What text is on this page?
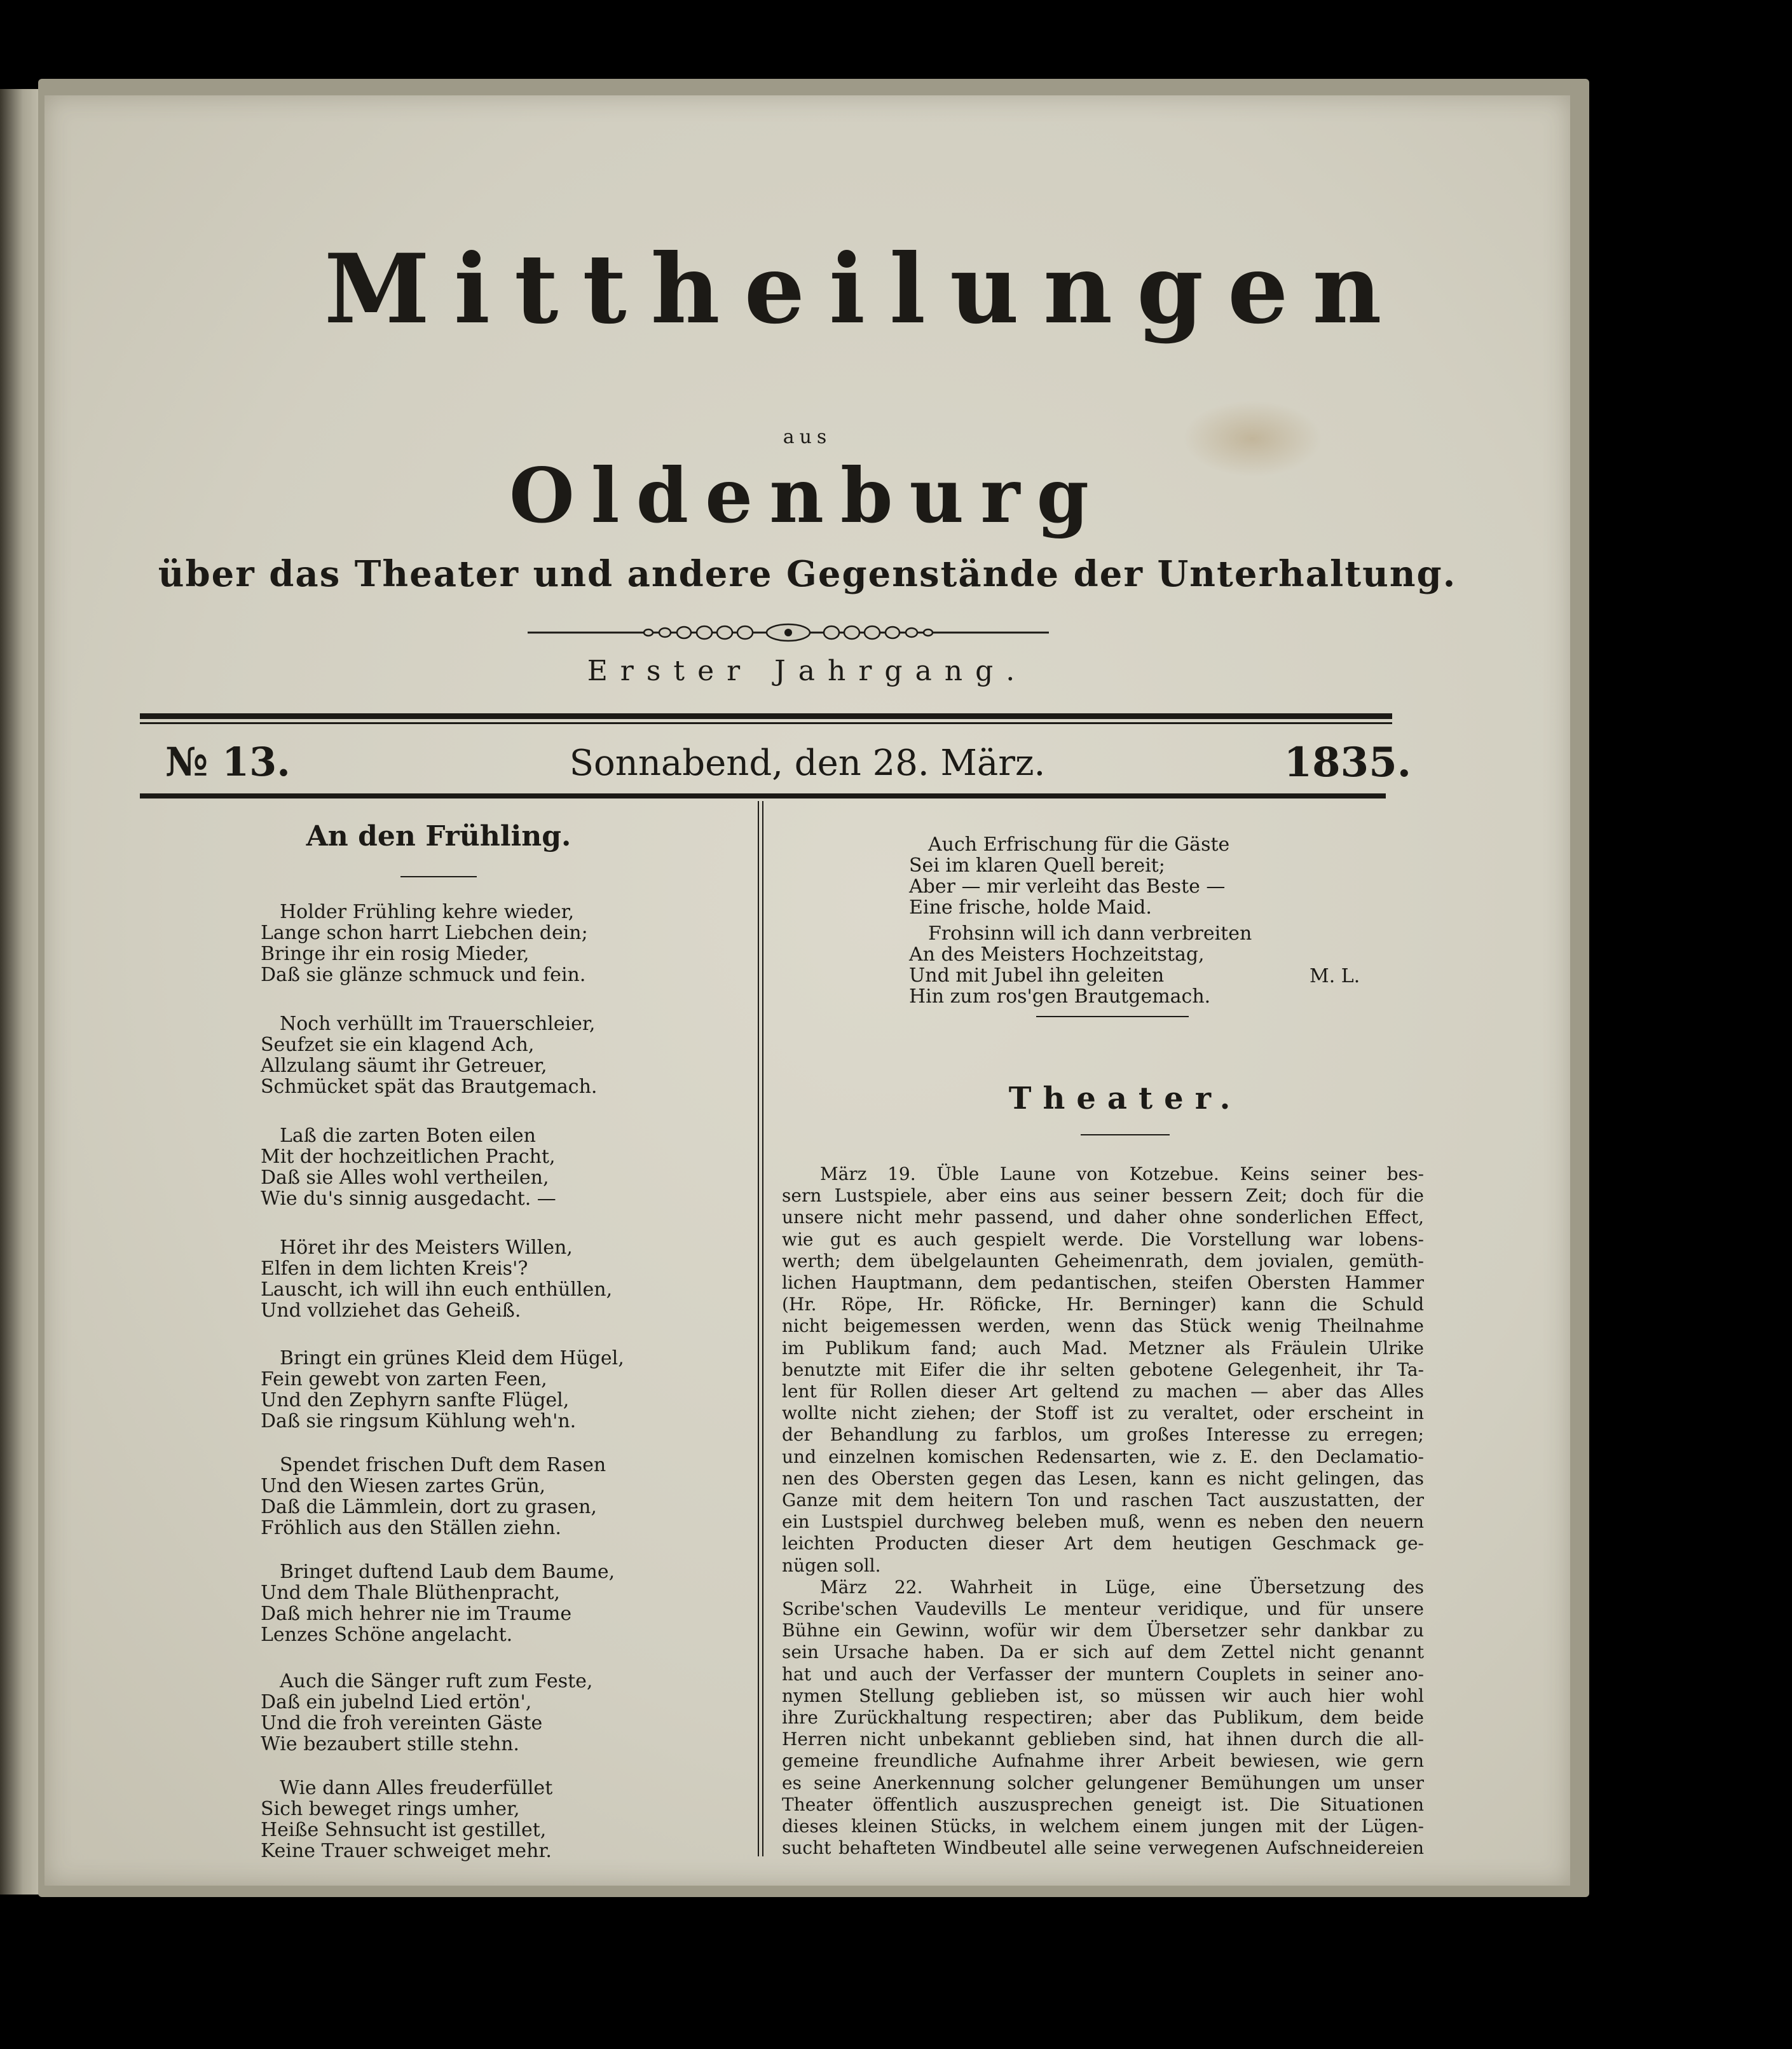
Mittheilungen
aus
Oldenburg
über das Theater und andere Gegenstände der Unterhaltung.
Erster Jahrgang.
№ 13.	Sonnabend, den 28. März.	1835.
An den Frühling.
Holder Frühling kehre wieder,
Lange schon harrt Liebchen dein;
Bringe ihr ein rosig Mieder,
Daß sie glänze schmuck und fein.
Noch verhüllt im Trauerschleier,
Seufzet sie ein klagend Ach,
Allzulang säumt ihr Getreuer,
Schmücket spät das Brautgemach.
Laß die zarten Boten eilen
Mit der hochzeitlichen Pracht,
Daß sie Alles wohl vertheilen,
Wie du's sinnig ausgedacht. —
Höret ihr des Meisters Willen,
Elfen in dem lichten Kreis'?
Lauscht, ich will ihn euch enthüllen,
Und vollziehet das Geheiß.
Bringt ein grünes Kleid dem Hügel,
Fein gewebt von zarten Feen,
Und den Zephyrn sanfte Flügel,
Daß sie ringsum Kühlung weh'n.
Spendet frischen Duft dem Rasen
Und den Wiesen zartes Grün,
Daß die Lämmlein, dort zu grasen,
Fröhlich aus den Ställen ziehn.
Bringet duftend Laub dem Baume,
Und dem Thale Blüthenpracht,
Daß mich hehrer nie im Traume
Lenzes Schöne angelacht.
Auch die Sänger ruft zum Feste,
Daß ein jubelnd Lied ertön',
Und die froh vereinten Gäste
Wie bezaubert stille stehn.
Wie dann Alles freuderfüllet
Sich beweget rings umher,
Heiße Sehnsucht ist gestillet,
Keine Trauer schweiget mehr.
Auch Erfrischung für die Gäste
Sei im klaren Quell bereit;
Aber — mir verleiht das Beste —
Eine frische, holde Maid.
Frohsinn will ich dann verbreiten
An des Meisters Hochzeitstag,
Und mit Jubel ihn geleiten
Hin zum ros'gen Brautgemach.
M. L.
Theater.
März 19. Üble Laune von Kotzebue. Keins seiner bes-
sern Lustspiele, aber eins aus seiner bessern Zeit; doch für die
unsere nicht mehr passend, und daher ohne sonderlichen Effect,
wie gut es auch gespielt werde. Die Vorstellung war lobens-
werth; dem übelgelaunten Geheimenrath, dem jovialen, gemüth-
lichen Hauptmann, dem pedantischen, steifen Obersten Hammer
(Hr. Röpe, Hr. Röficke, Hr. Berninger) kann die Schuld
nicht beigemessen werden, wenn das Stück wenig Theilnahme
im Publikum fand; auch Mad. Metzner als Fräulein Ulrike
benutzte mit Eifer die ihr selten gebotene Gelegenheit, ihr Ta-
lent für Rollen dieser Art geltend zu machen — aber das Alles
wollte nicht ziehen; der Stoff ist zu veraltet, oder erscheint in
der Behandlung zu farblos, um großes Interesse zu erregen;
und einzelnen komischen Redensarten, wie z. E. den Declamatio-
nen des Obersten gegen das Lesen, kann es nicht gelingen, das
Ganze mit dem heitern Ton und raschen Tact auszustatten, der
ein Lustspiel durchweg beleben muß, wenn es neben den neuern
leichten Producten dieser Art dem heutigen Geschmack ge-
nügen soll.
März 22. Wahrheit in Lüge, eine Übersetzung des
Scribe'schen Vaudevills Le menteur veridique, und für unsere
Bühne ein Gewinn, wofür wir dem Übersetzer sehr dankbar zu
sein Ursache haben. Da er sich auf dem Zettel nicht genannt
hat und auch der Verfasser der muntern Couplets in seiner ano-
nymen Stellung geblieben ist, so müssen wir auch hier wohl
ihre Zurückhaltung respectiren; aber das Publikum, dem beide
Herren nicht unbekannt geblieben sind, hat ihnen durch die all-
gemeine freundliche Aufnahme ihrer Arbeit bewiesen, wie gern
es seine Anerkennung solcher gelungener Bemühungen um unser
Theater öffentlich auszusprechen geneigt ist. Die Situationen
dieses kleinen Stücks, in welchem einem jungen mit der Lügen-
sucht behafteten Windbeutel alle seine verwegenen Aufschneidereien
